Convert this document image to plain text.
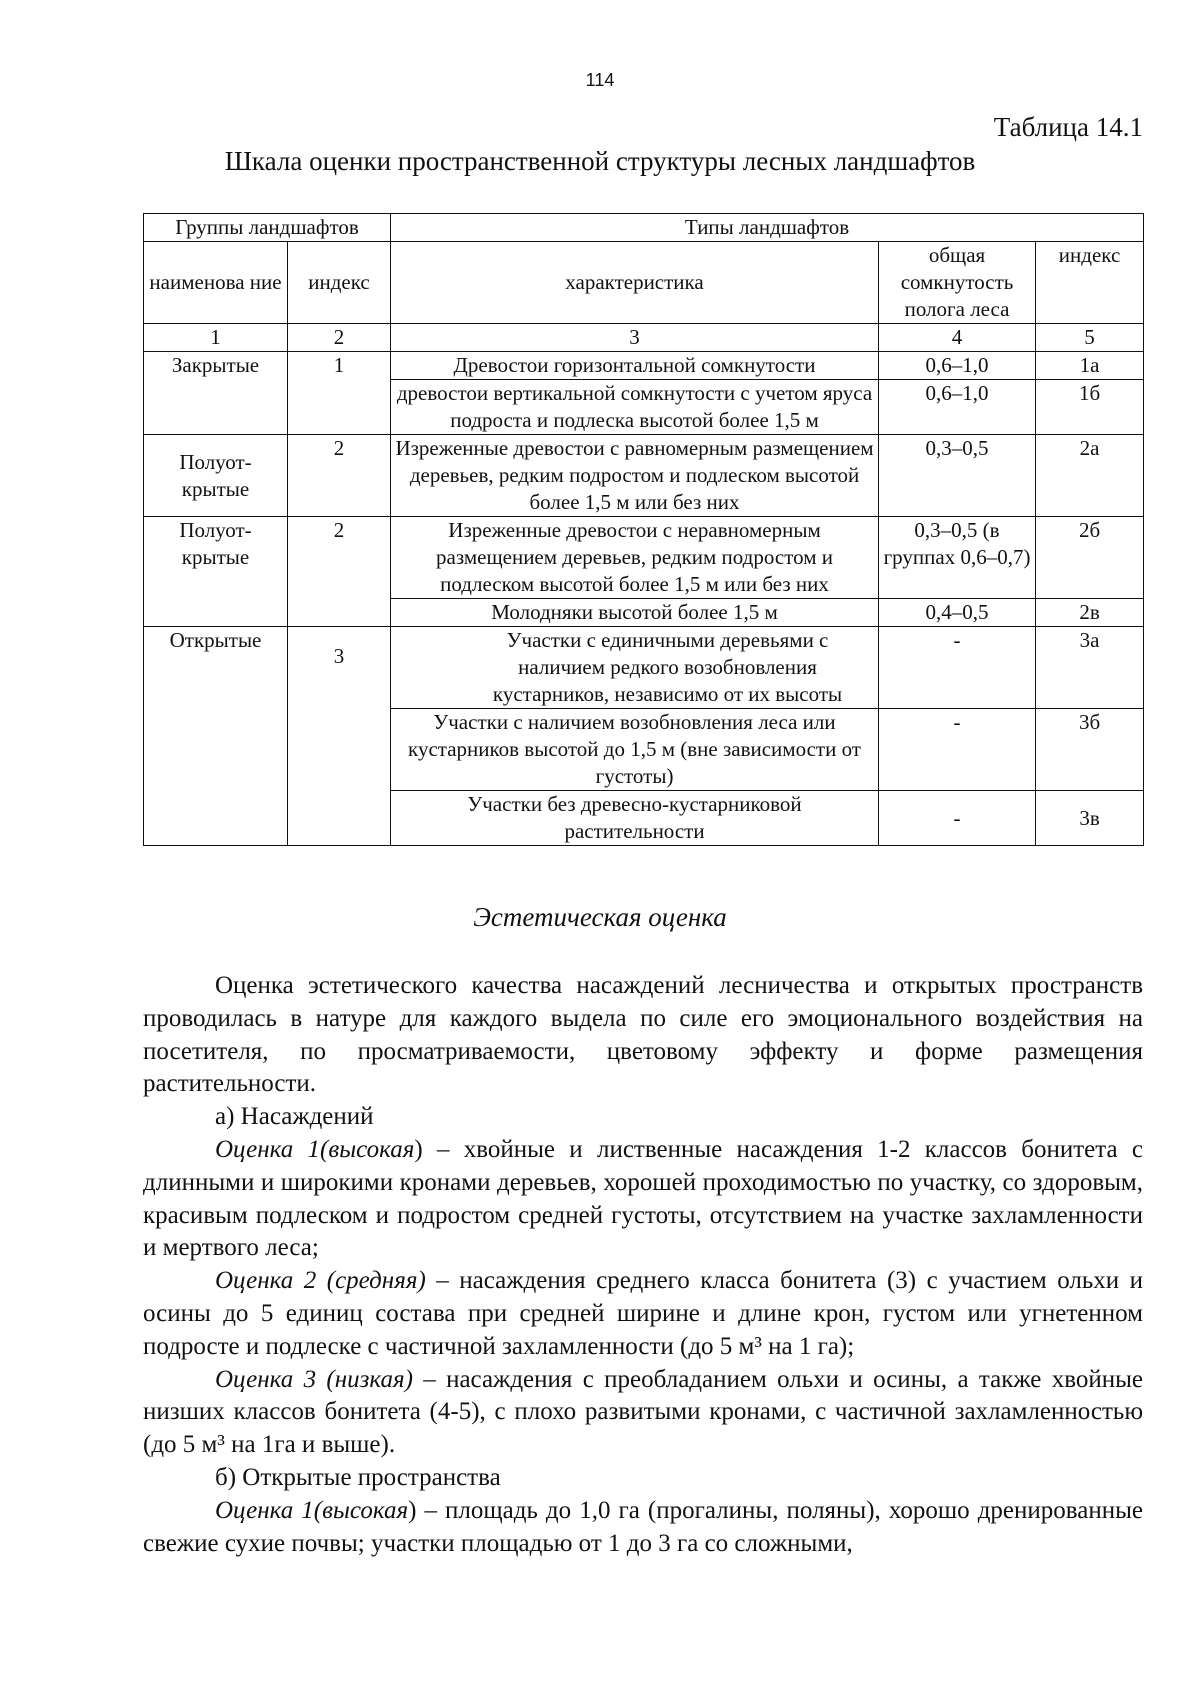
114
Таблица 14.1
Шкала оценки пространственной структуры лесных ландшафтов
Группы ландшафтов		Типы ландшафтов		
наименова ние	индекс	характеристика	общая сомкнутость полога леса	индекс
1	2	3	4	5
Закрытые	1	Древостои горизонтальной сомкнутости	0,6–1,0	1а
		древостои вертикальной сомкнутости с учетом яруса подроста и подлеска высотой более 1,5 м	0,6–1,0	1б
Полуот-крытые	2	Изреженные древостои с равномерным размещением деревьев, редким подростом и подлеском высотой более 1,5 м или без них	0,3–0,5	2а
Полуот-крытые	2	Изреженные древостои с неравномерным размещением деревьев, редким подростом и подлеском высотой более 1,5 м или без них	0,3–0,5 (в группах 0,6–0,7)	2б
		Молодняки высотой более 1,5 м	0,4–0,5	2в
Открытые	3	Участки с единичными деревьями с наличием редкого возобновления кустарников, независимо от их высоты	-	3а
		Участки с наличием возобновления леса или кустарников высотой до 1,5 м (вне зависимости от густоты)	-	3б
		Участки без древесно-кустарниковой растительности	-	3в
Эстетическая оценка

Оценка эстетического качества насаждений лесничества и открытых пространств проводилась в натуре для каждого выдела по силе его эмоционального воздействия на посетителя, по просматриваемости, цветовому эффекту и форме размещения растительности.

а) Насаждений

Оценка 1(высокая) – хвойные и лиственные насаждения 1-2 классов бонитета с длинными и широкими кронами деревьев, хорошей проходимостью по участку, со здоровым, красивым подлеском и подростом средней густоты, отсутствием на участке захламленности и мертвого леса;

Оценка 2 (средняя) – насаждения среднего класса бонитета (3) с участием ольхи и осины до 5 единиц состава при средней ширине и длине крон, густом или угнетенном подросте и подлеске с частичной захламленности (до 5 м³ на 1 га);

Оценка 3 (низкая) – насаждения с преобладанием ольхи и осины, а также хвойные низших классов бонитета (4-5), с плохо развитыми кронами, с частичной захламленностью (до 5 м³ на 1га и выше).

б) Открытые пространства

Оценка 1(высокая) – площадь до 1,0 га (прогалины, поляны), хорошо дренированные свежие сухие почвы; участки площадью от 1 до 3 га со сложными,
